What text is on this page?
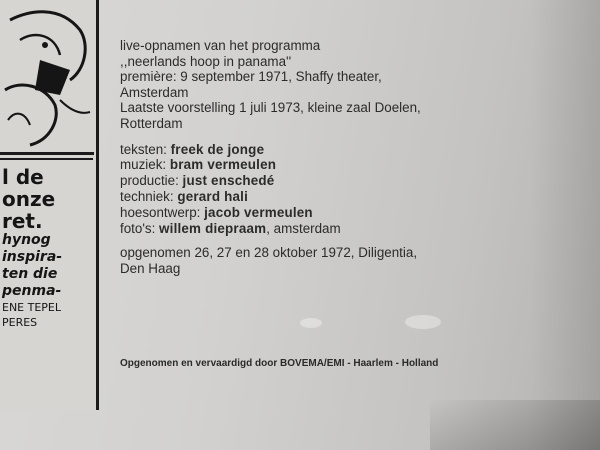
l de
onze
ret.
hynog
inspira-
ten die
penma-
ENE TEPEL
PERES
live-opnamen van het programma
,,neerlands hoop in panama''
première: 9 september 1971, Shaffy theater,
Amsterdam
Laatste voorstelling 1 juli 1973, kleine zaal Doelen,
Rotterdam
teksten: freek de jonge
muziek: bram vermeulen
productie: just enschedé
techniek: gerard hali
hoesontwerp: jacob vermeulen
foto's: willem diepraam, amsterdam
opgenomen 26, 27 en 28 oktober 1972, Diligentia,
Den Haag
Opgenomen en vervaardigd door BOVEMA/EMI - Haarlem - Holland
